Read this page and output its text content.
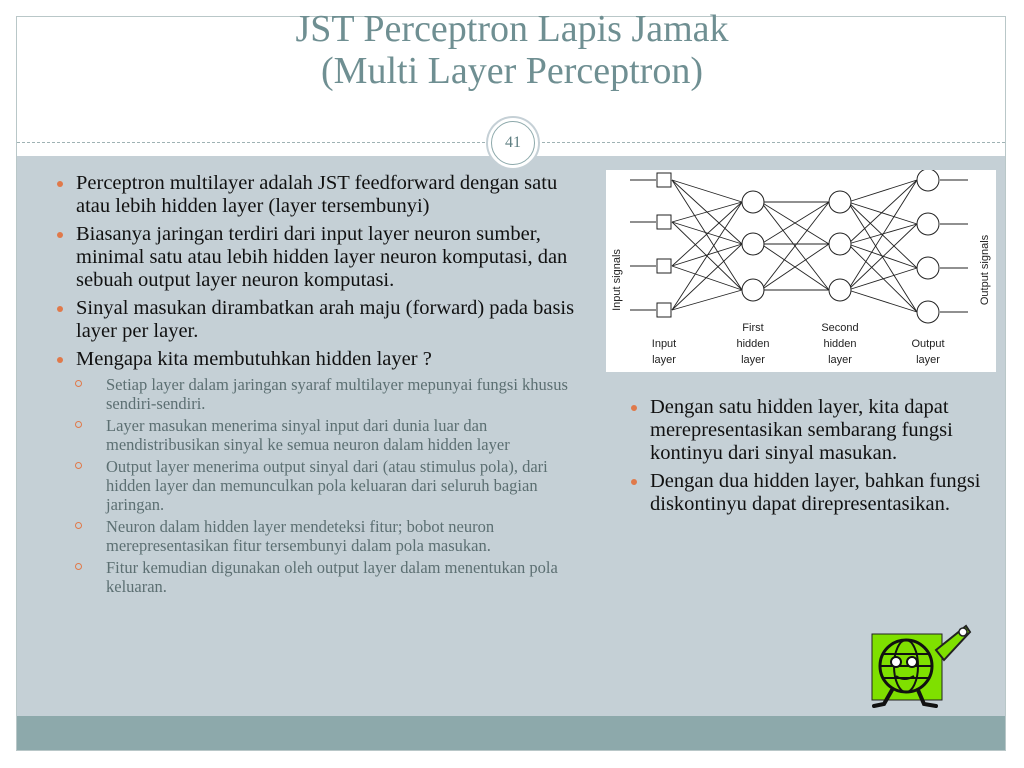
JST Perceptron Lapis Jamak
(Multi Layer Perceptron)
41
Perceptron multilayer adalah JST feedforward dengan satu atau lebih hidden layer (layer tersembunyi)
Biasanya jaringan terdiri dari input layer neuron sumber, minimal satu atau lebih hidden layer neuron komputasi, dan sebuah output layer neuron komputasi.
Sinyal masukan dirambatkan arah maju (forward) pada basis layer per layer.
Mengapa kita membutuhkan hidden layer ?
Setiap layer dalam jaringan syaraf multilayer mepunyai fungsi khusus sendiri-sendiri.
Layer masukan menerima sinyal input dari dunia luar dan mendistribusikan sinyal ke semua neuron dalam hidden layer
Output layer menerima output sinyal dari (atau stimulus pola), dari hidden layer dan memunculkan pola keluaran dari seluruh bagian jaringan.
Neuron dalam hidden layer mendeteksi fitur; bobot neuron merepresentasikan fitur tersembunyi dalam pola masukan.
Fitur kemudian digunakan oleh output layer dalam menentukan pola keluaran.
Input signals	Output signals
Input
layer
First
hidden
layer
Second
hidden
layer
Output
layer
Dengan satu hidden layer, kita dapat merepresentasikan sembarang fungsi kontinyu dari sinyal masukan.
Dengan dua hidden layer, bahkan fungsi diskontinyu dapat direpresentasikan.
